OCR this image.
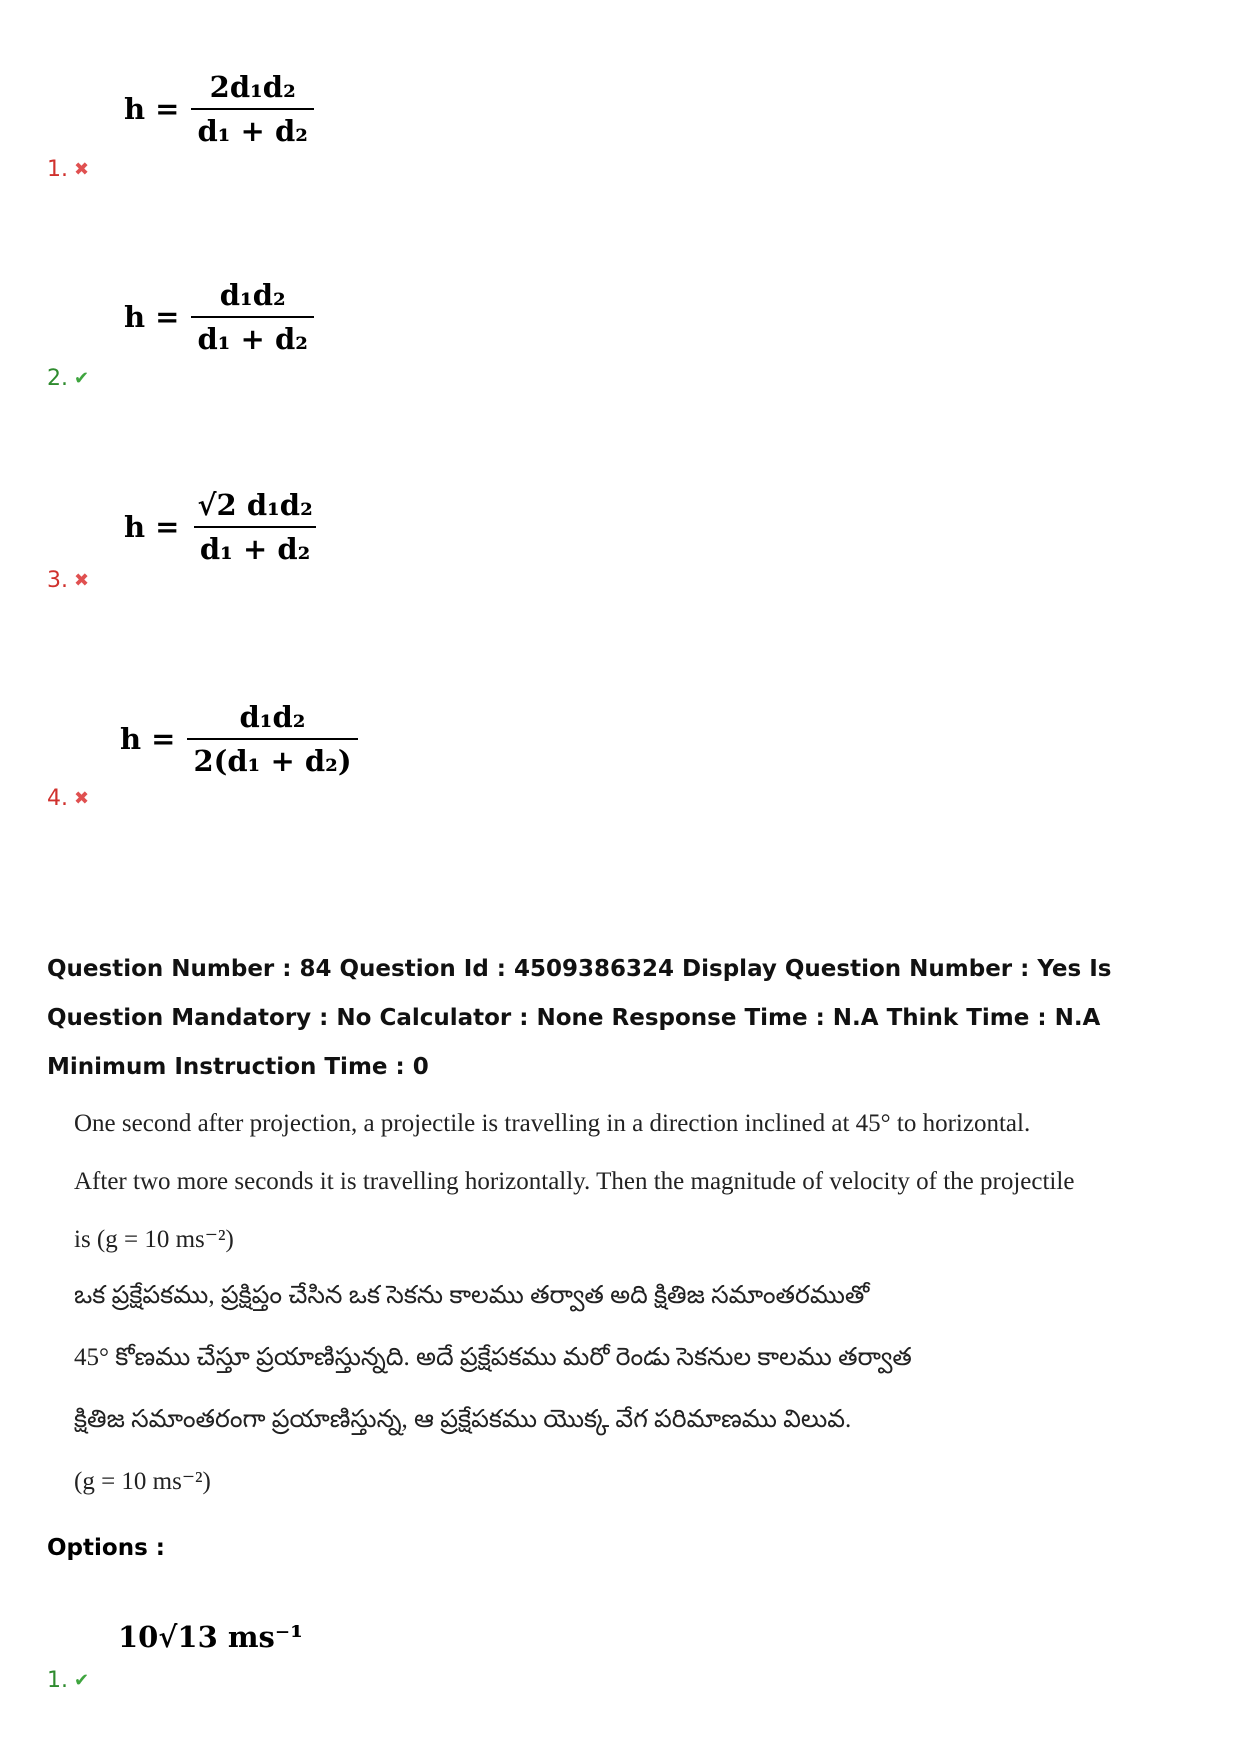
$h = \frac{\text{2d₁d₂}}{\text{d₁ + d₂}}$
1. ✖
$h = \frac{\text{d₁d₂}}{\text{d₁ + d₂}}$
2. ✔
$h = \frac{\text{√2 d₁d₂}}{\text{d₁ + d₂}}$
3. ✖
$h = \frac{\text{d₁d₂}}{\text{2(d₁ + d₂)}}$
4. ✖
Question Number : 84 Question Id : 4509386324 Display Question Number : Yes Is Question Mandatory : No Calculator : None Response Time : N.A Think Time : N.A Minimum Instruction Time : 0
One second after projection, a projectile is travelling in a direction inclined at 45° to horizontal.
After two more seconds it is travelling horizontally. Then the magnitude of velocity of the projectile
is (g = 10 ms⁻²)
ఒక ప్రక్షేపకము, ప్రక్షిప్తం చేసిన ఒక సెకను కాలము తర్వాత అది క్షితిజ సమాంతరముతో
45° కోణము చేస్తూ ప్రయాణిస్తున్నది. అదే ప్రక్షేపకము మరో రెండు సెకనుల కాలము తర్వాత
క్షితిజ సమాంతరంగా ప్రయాణిస్తున్న, ఆ ప్రక్షేపకము యొక్క వేగ పరిమాణము విలువ.
(g = 10 ms⁻²)
Options :
10√13 ms⁻¹
1. ✔
